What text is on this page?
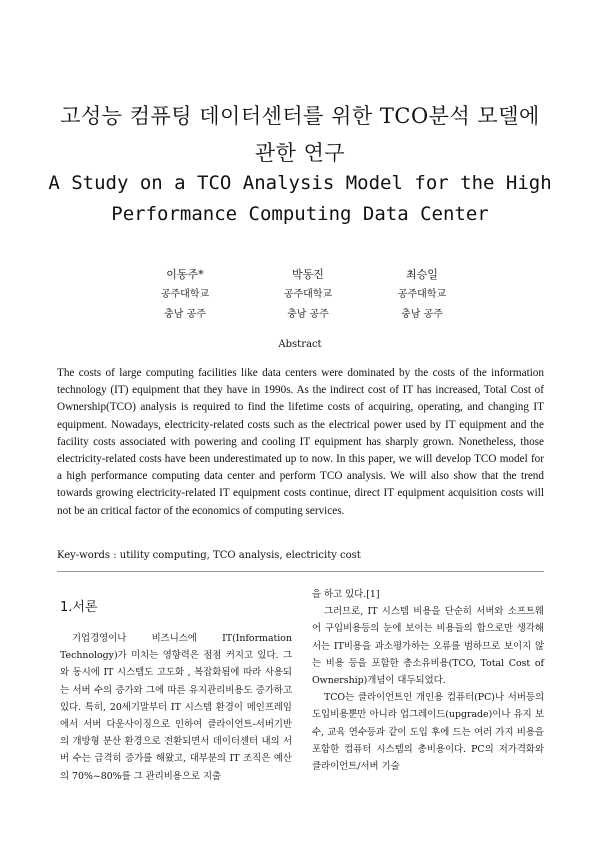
고성능 컴퓨팅 데이터센터를 위한 TCO분석 모델에
관한 연구
A Study on a TCO Analysis Model for the High
Performance Computing Data Center
이동주*
공주대학교
충남 공주
박동진
공주대학교
충남 공주
최승일
공주대학교
충남 공주
Abstract

The costs of large computing facilities like data centers were dominated by the costs of the information technology (IT) equipment that they have in 1990s. As the indirect cost of IT has increased, Total Cost of Ownership(TCO) analysis is required to find the lifetime costs of acquiring, operating, and changing IT equipment. Nowadays, electricity-related costs such as the electrical power used by IT equipment and the facility costs associated with powering and cooling IT equipment has sharply grown. Nonetheless, those electricity-related costs have been underestimated up to now. In this paper, we will develop TCO model for a high performance computing data center and perform TCO analysis. We will also show that the trend towards growing electricity-related IT equipment costs continue, direct IT equipment acquisition costs will not be an critical factor of the economics of computing services.

Key-words : utility computing, TCO analysis, electricity cost
1.서론

기업경영이나 비즈니스에 IT(Information Technology)가 미치는 영향력은 점점 커지고 있다. 그와 동시에 IT 시스템도 고도화 , 복잡화됨에 따라 사용되는 서버 수의 증가와 그에 따른 유지관리비용도 증가하고 있다. 특히, 20세기말부터 IT 시스템 환경이 메인프레임에서 서버 다운사이징으로 인하여 클라이언트-서버기반의 개방형 분산 환경으로 전환되면서 데이터센터 내의 서버 수는 급격히 증가를 해왔고, 대부분의 IT 조직은 예산의 70%~80%를 그 관리비용으로 지출

을 하고 있다.[1]

그러므로, IT 시스템 비용을 단순히 서버와 소프트웨어 구입비용등의 눈에 보이는 비용들의 합으로만 생각해서는 IT비용을 과소평가하는 오류를 범하므로 보이지 않는 비용 등을 포함한 총소유비용(TCO, Total Cost of Ownership)개념이 대두되었다.

TCO는 클라이언트인 개인용 컴퓨터(PC)나 서버등의 도입비용뿐만 아니라 업그레이드(upgrade)이나 유지 보수, 교육 연수등과 같이 도입 후에 드는 여러 가지 비용을 포함한 컴퓨터 시스템의 총비용이다. PC의 저가격화와 클라이언트/서버 기술
